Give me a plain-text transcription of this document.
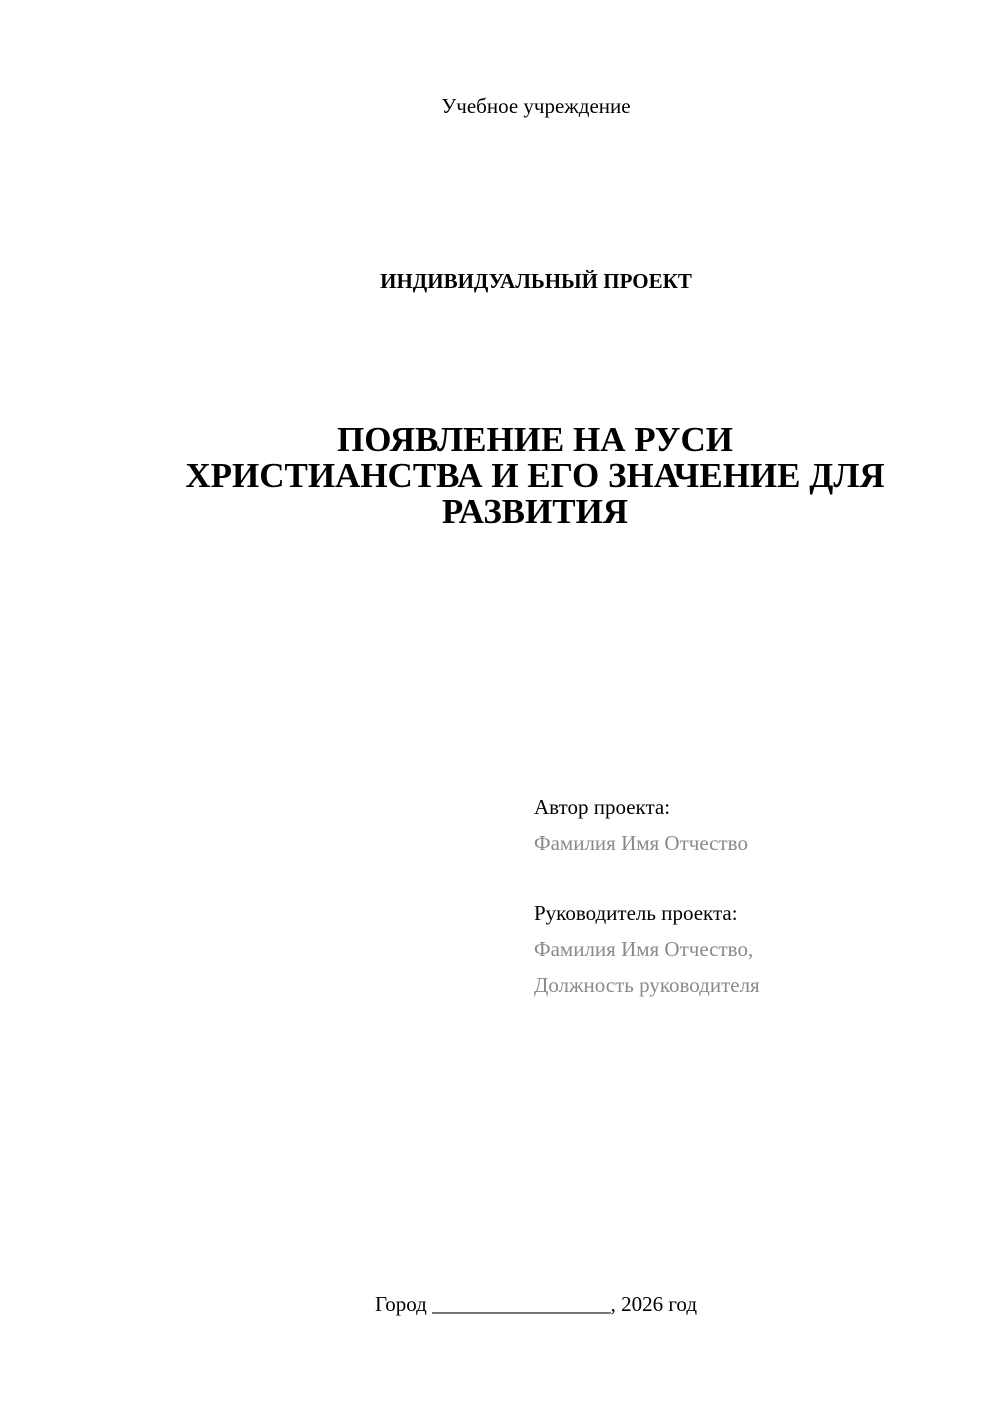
Учебное учреждение
ИНДИВИДУАЛЬНЫЙ ПРОЕКТ
ПОЯВЛЕНИЕ НА РУСИ
ХРИСТИАНСТВА И ЕГО ЗНАЧЕНИЕ ДЛЯ
РАЗВИТИЯ
Автор проекта:
Фамилия Имя Отчество
Руководитель проекта:
Фамилия Имя Отчество,
Должность руководителя
Город _________________, 2026 год
